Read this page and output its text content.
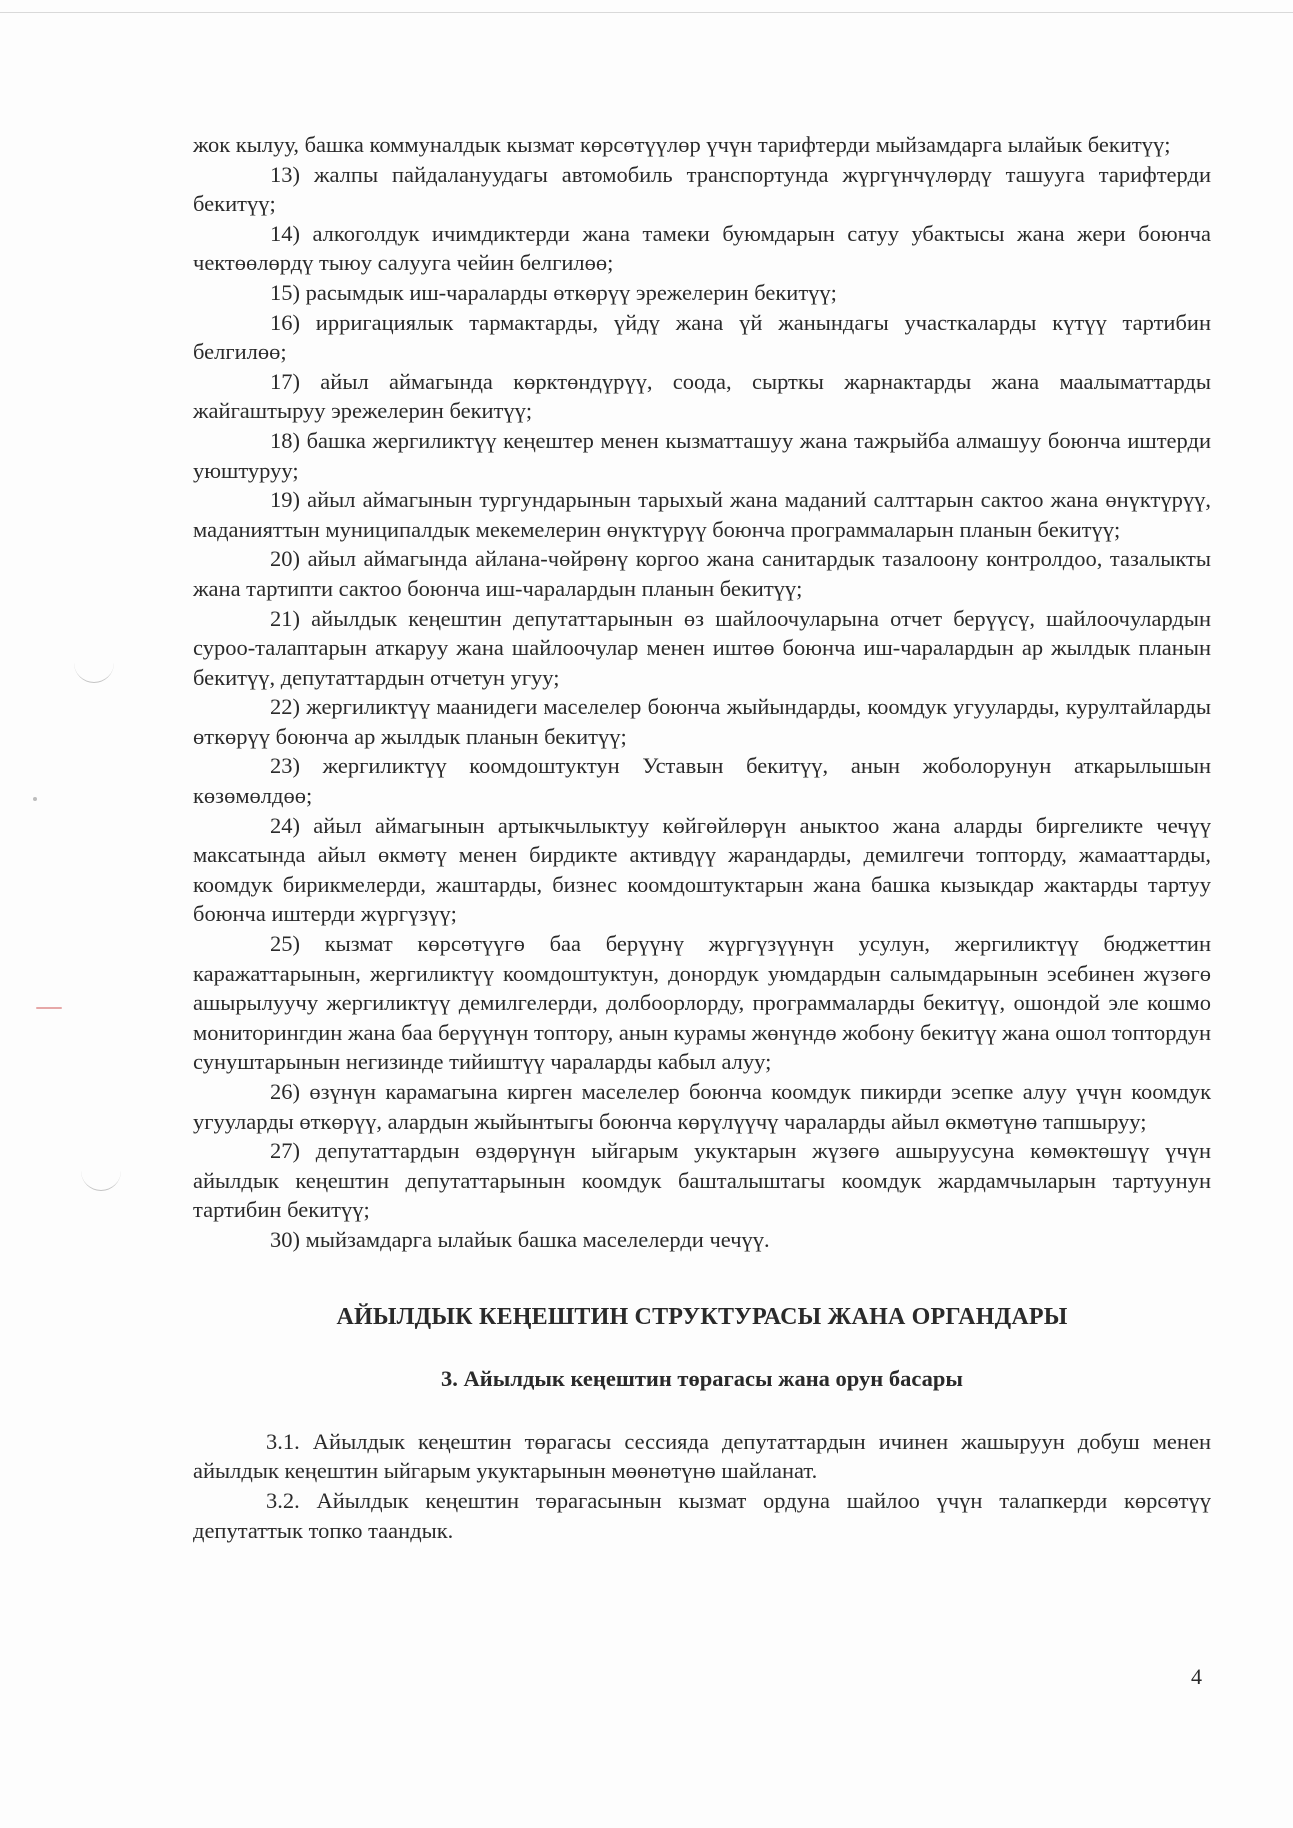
жок кылуу, башка коммуналдык кызмат көрсөтүүлөр үчүн тарифтерди мыйзамдарга ылайык бекитүү;

13) жалпы пайдалануудагы автомобиль транспортунда жүргүнчүлөрдү ташууга тарифтерди бекитүү;

14) алкоголдук ичимдиктерди жана тамеки буюмдарын сатуу убактысы жана жери боюнча чектөөлөрдү тыюу салууга чейин белгилөө;

15) расымдык иш-чараларды өткөрүү эрежелерин бекитүү;

16) ирригациялык тармактарды, үйдү жана үй жанындагы участкаларды күтүү тартибин белгилөө;

17) айыл аймагында көрктөндүрүү, соода, сырткы жарнактарды жана маалыматтарды жайгаштыруу эрежелерин бекитүү;

18) башка жергиликтүү кеңештер менен кызматташуу жана тажрыйба алмашуу боюнча иштерди уюштуруу;

19) айыл аймагынын тургундарынын тарыхый жана маданий салттарын сактоо жана өнүктүрүү, маданияттын муниципалдык мекемелерин өнүктүрүү боюнча программаларын планын бекитүү;

20) айыл аймагында айлана-чөйрөнү коргоо жана санитардык тазалоону контролдоо, тазалыкты жана тартипти сактоо боюнча иш-чаралардын планын бекитүү;

21) айылдык кеңештин депутаттарынын өз шайлоочуларына отчет берүүсү, шайлоочулардын суроо-талаптарын аткаруу жана шайлоочулар менен иштөө боюнча иш-чаралардын ар жылдык планын бекитүү, депутаттардын отчетун угуу;

22) жергиликтүү маанидеги маселелер боюнча жыйындарды, коомдук угууларды, курултайларды өткөрүү боюнча ар жылдык планын бекитүү;

23) жергиликтүү коомдоштуктун Уставын бекитүү, анын жоболорунун аткарылышын көзөмөлдөө;

24) айыл аймагынын артыкчылыктуу көйгөйлөрүн аныктоо жана аларды биргеликте чечүү максатында айыл өкмөтү менен бирдикте активдүү жарандарды, демилгечи топторду, жамааттарды, коомдук бирикмелерди, жаштарды, бизнес коомдоштуктарын жана башка кызыкдар жактарды тартуу боюнча иштерди жүргүзүү;

25) кызмат көрсөтүүгө баа берүүнү жүргүзүүнүн усулун, жергиликтүү бюджеттин каражаттарынын, жергиликтүү коомдоштуктун, донордук уюмдардын салымдарынын эсебинен жүзөгө ашырылуучу жергиликтүү демилгелерди, долбоорлорду, программаларды бекитүү, ошондой эле кошмо мониторингдин жана баа берүүнүн топтору, анын курамы жөнүндө жобону бекитүү жана ошол топтордун сунуштарынын негизинде тийиштүү чараларды кабыл алуу;

26) өзүнүн карамагына кирген маселелер боюнча коомдук пикирди эсепке алуу үчүн коомдук угууларды өткөрүү, алардын жыйынтыгы боюнча көрүлүүчү чараларды айыл өкмөтүнө тапшыруу;

27) депутаттардын өздөрүнүн ыйгарым укуктарын жүзөгө ашыруусуна көмөктөшүү үчүн айылдык кеңештин депутаттарынын коомдук башталыштагы коомдук жардамчыларын тартуунун тартибин бекитүү;

30) мыйзамдарга ылайык башка маселелерди чечүү.

АЙЫЛДЫК КЕҢЕШТИН СТРУКТУРАСЫ ЖАНА ОРГАНДАРЫ
3. Айылдык кеңештин төрагасы жана орун басары

3.1. Айылдык кеңештин төрагасы сессияда депутаттардын ичинен жашыруун добуш менен айылдык кеңештин ыйгарым укуктарынын мөөнөтүнө шайланат.

3.2. Айылдык кеңештин төрагасынын кызмат ордуна шайлоо үчүн талапкерди көрсөтүү депутаттык топко таандык.

4
